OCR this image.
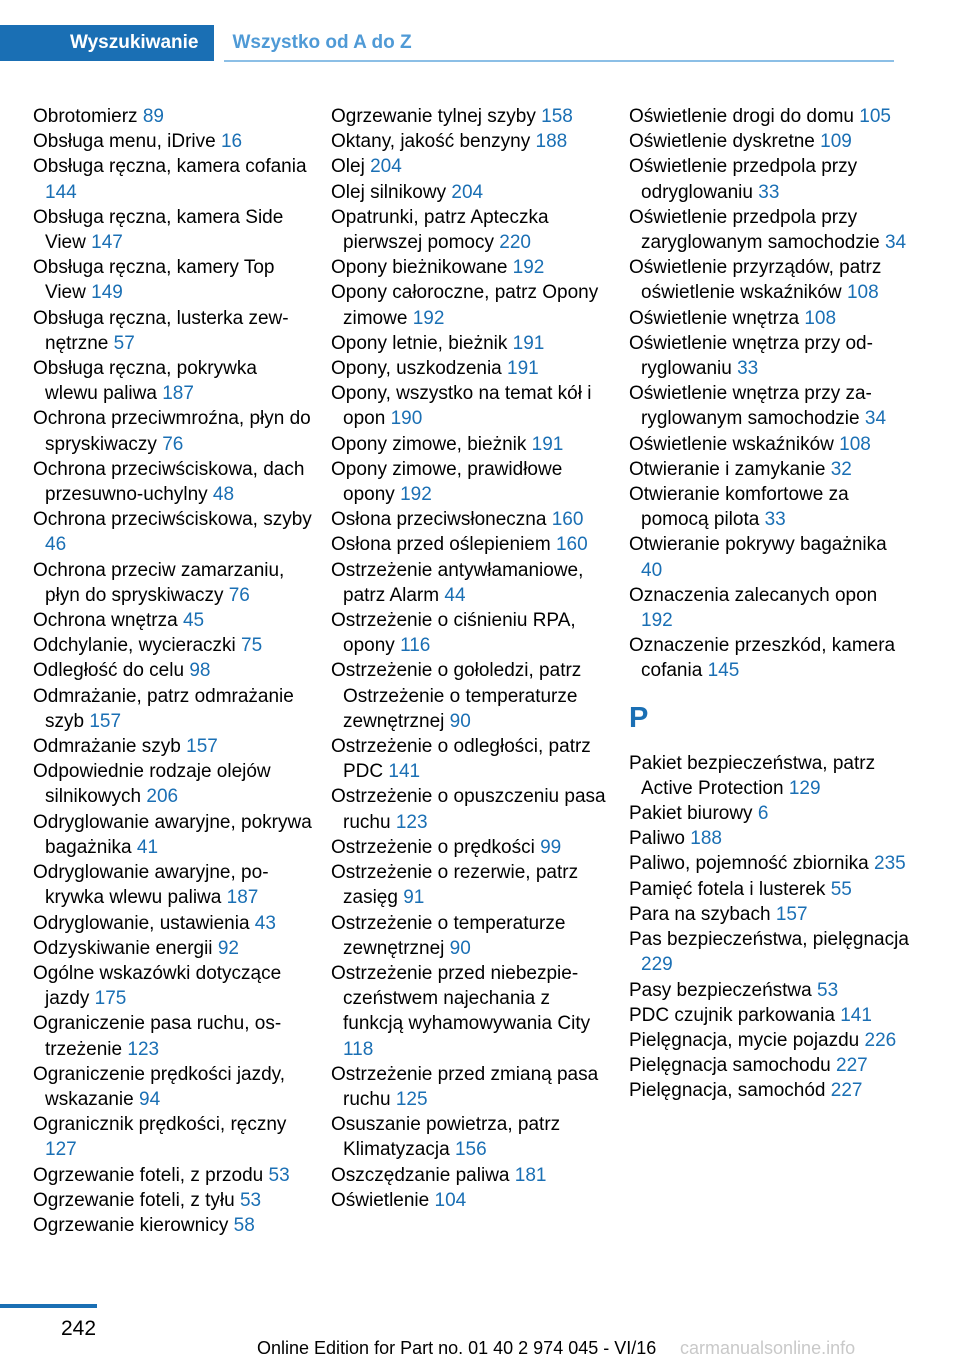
Wyszukiwanie	Wszystko od A do Z
Obrotomierz 89
Obsługa menu, iDrive 16
Obsługa ręczna, kamera cofania 144
Obsługa ręczna, kamera Side View 147
Obsługa ręczna, kamery Top View 149
Obsługa ręczna, lusterka zewnętrzne 57
Obsługa ręczna, pokrywka wlewu paliwa 187
Ochrona przeciwmroźna, płyn do spryskiwaczy 76
Ochrona przeciwściskowa, dach przesuwno-uchylny 48
Ochrona przeciwściskowa, szyby 46
Ochrona przeciw zamarzaniu, płyn do spryskiwaczy 76
Ochrona wnętrza 45
Odchylanie, wycieraczki 75
Odległość do celu 98
Odmrażanie, patrz odmrażanie szyb 157
Odmrażanie szyb 157
Odpowiednie rodzaje olejów silnikowych 206
Odryglowanie awaryjne, pokrywa bagażnika 41
Odryglowanie awaryjne, pokrywka wlewu paliwa 187
Odryglowanie, ustawienia 43
Odzyskiwanie energii 92
Ogólne wskazówki dotyczące jazdy 175
Ograniczenie pasa ruchu, ostrzeżenie 123
Ograniczenie prędkości jazdy, wskazanie 94
Ogranicznik prędkości, ręczny 127
Ogrzewanie foteli, z przodu 53
Ogrzewanie foteli, z tyłu 53
Ogrzewanie kierownicy 58
Ogrzewanie tylnej szyby 158
Oktany, jakość benzyny 188
Olej 204
Olej silnikowy 204
Opatrunki, patrz Apteczka pierwszej pomocy 220
Opony bieżnikowane 192
Opony całoroczne, patrz Opony zimowe 192
Opony letnie, bieżnik 191
Opony, uszkodzenia 191
Opony, wszystko na temat kół i opon 190
Opony zimowe, bieżnik 191
Opony zimowe, prawidłowe opony 192
Osłona przeciwsłoneczna 160
Osłona przed oślepieniem 160
Ostrzeżenie antywłamaniowe, patrz Alarm 44
Ostrzeżenie o ciśnieniu RPA, opony 116
Ostrzeżenie o gołoledzi, patrz Ostrzeżenie o temperaturze zewnętrznej 90
Ostrzeżenie o odległości, patrz PDC 141
Ostrzeżenie o opuszczeniu pasa ruchu 123
Ostrzeżenie o prędkości 99
Ostrzeżenie o rezerwie, patrz zasięg 91
Ostrzeżenie o temperaturze zewnętrznej 90
Ostrzeżenie przed niebezpieczeństwem najechania z funkcją wyhamowywania City 118
Ostrzeżenie przed zmianą pasa ruchu 125
Osuszanie powietrza, patrz Klimatyzacja 156
Oszczędzanie paliwa 181
Oświetlenie 104
Oświetlenie drogi do domu 105
Oświetlenie dyskretne 109
Oświetlenie przedpola przy odryglowaniu 33
Oświetlenie przedpola przy zaryglowanym samochodzie 34
Oświetlenie przyrządów, patrz oświetlenie wskaźników 108
Oświetlenie wnętrza 108
Oświetlenie wnętrza przy odryglowaniu 33
Oświetlenie wnętrza przy zaryglowanym samochodzie 34
Oświetlenie wskaźników 108
Otwieranie i zamykanie 32
Otwieranie komfortowe za pomocą pilota 33
Otwieranie pokrywy bagażnika 40
Oznaczenia zalecanych opon 192
Oznaczenie przeszkód, kamera cofania 145
P
Pakiet bezpieczeństwa, patrz Active Protection 129
Pakiet biurowy 6
Paliwo 188
Paliwo, pojemność zbiornika 235
Pamięć fotela i lusterek 55
Para na szybach 157
Pas bezpieczeństwa, pielęgnacja 229
Pasy bezpieczeństwa 53
PDC czujnik parkowania 141
Pielęgnacja, mycie pojazdu 226
Pielęgnacja samochodu 227
Pielęgnacja, samochód 227
242
Online Edition for Part no. 01 40 2 974 045 - VI/16 carmanualsonline.info
